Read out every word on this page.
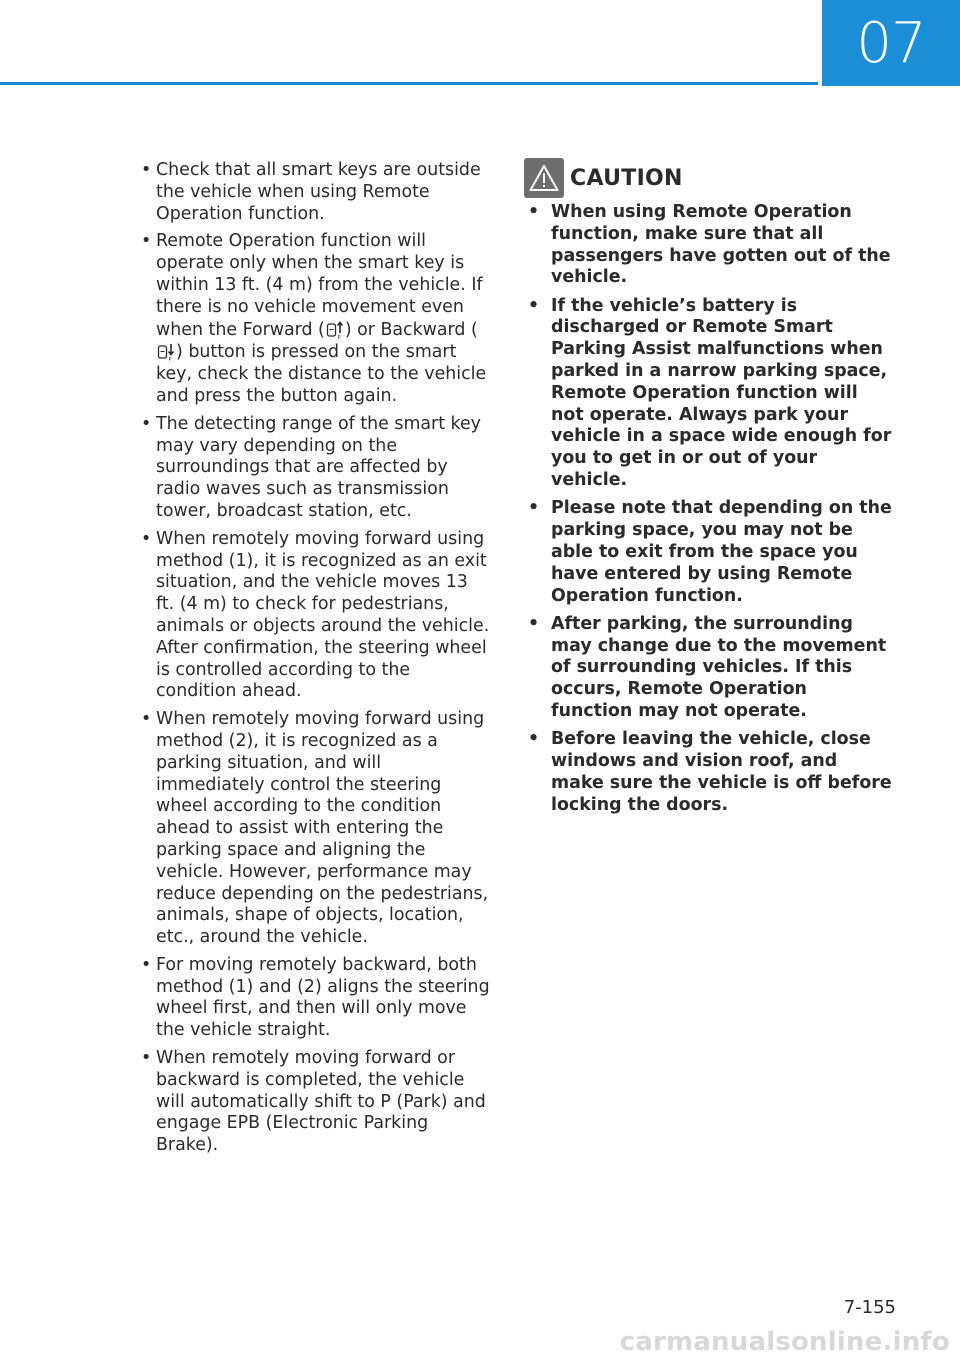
07
• Check that all smart keys are outside the vehicle when using Remote Operation function.
• Remote Operation function will operate only when the smart key is within 13 ft. (4 m) from the vehicle. If there is no vehicle movement even when the Forward (	P ) or Backward (
P ) button is pressed on the smart key, check the distance to the vehicle and press the button again.
• The detecting range of the smart key may vary depending on the surroundings that are affected by radio waves such as transmission tower, broadcast station, etc.
• When remotely moving forward using method (1), it is recognized as an exit situation, and the vehicle moves 13 ft. (4 m) to check for pedestrians, animals or objects around the vehicle. After confirmation, the steering wheel is controlled according to the condition ahead.
• When remotely moving forward using method (2), it is recognized as a parking situation, and will immediately control the steering wheel according to the condition ahead to assist with entering the parking space and aligning the vehicle. However, performance may reduce depending on the pedestrians, animals, shape of objects, location, etc., around the vehicle.
• For moving remotely backward, both method (1) and (2) aligns the steering wheel first, and then will only move the vehicle straight.
• When remotely moving forward or backward is completed, the vehicle will automatically shift to P (Park) and engage EPB (Electronic Parking Brake).
CAUTION
• When using Remote Operation function, make sure that all passengers have gotten out of the vehicle.
• If the vehicle’s battery is discharged or Remote Smart Parking Assist malfunctions when parked in a narrow parking space, Remote Operation function will not operate. Always park your vehicle in a space wide enough for you to get in or out of your vehicle.
• Please note that depending on the parking space, you may not be able to exit from the space you have entered by using Remote Operation function.
• After parking, the surrounding may change due to the movement of surrounding vehicles. If this occurs, Remote Operation function may not operate.
• Before leaving the vehicle, close windows and vision roof, and make sure the vehicle is off before locking the doors.
7-155
carmanualsonline.info
